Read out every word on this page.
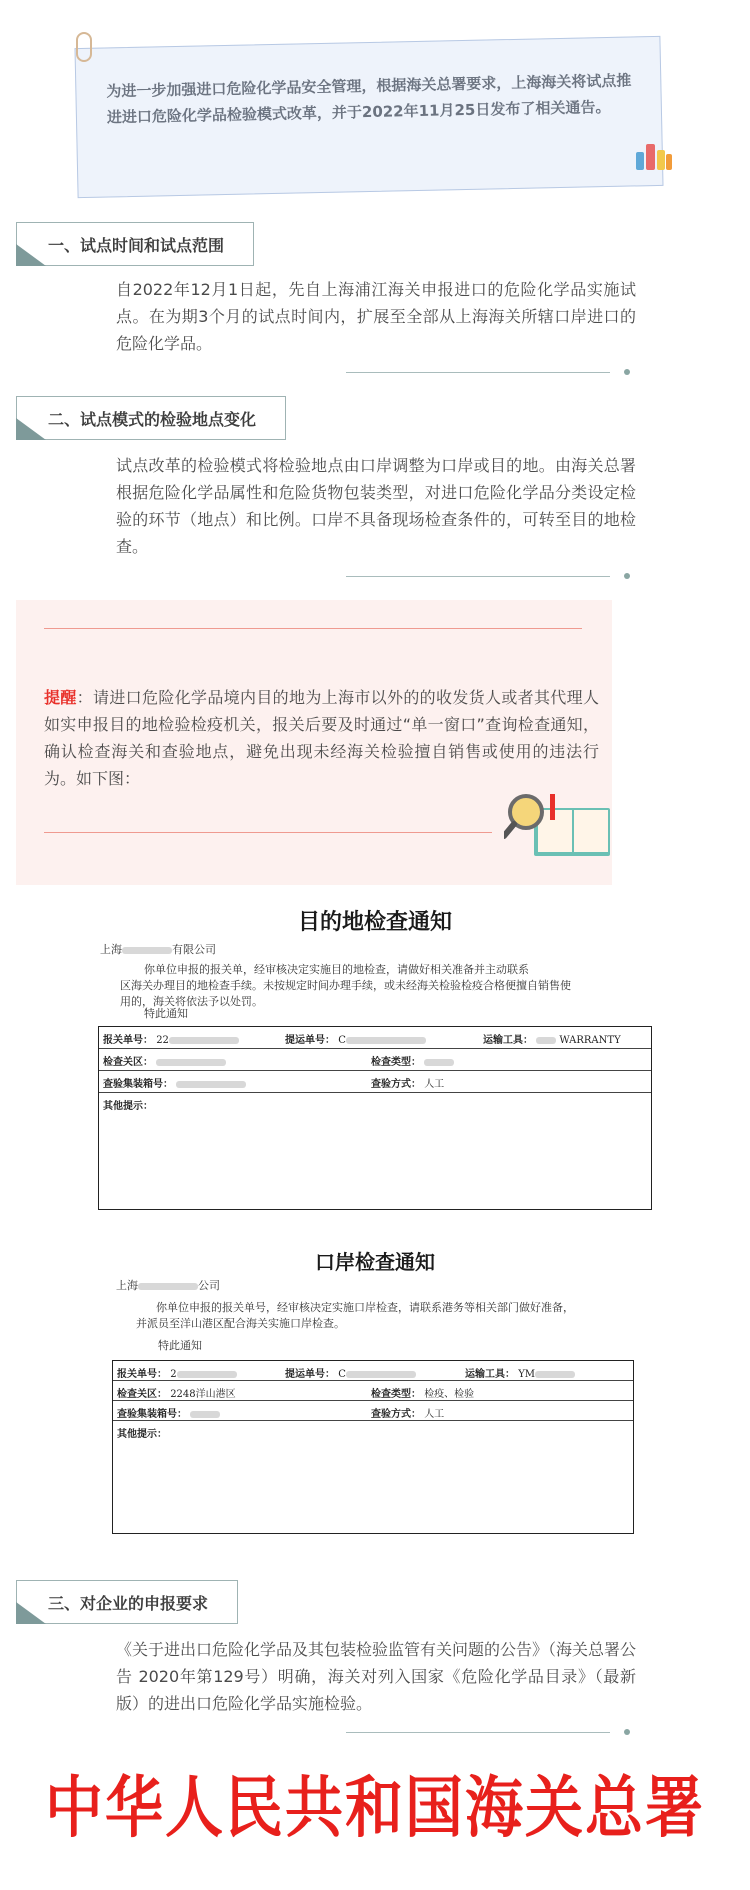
为进一步加强进口危险化学品安全管理，根据海关总署要求，上海海关将试点推进进口危险化学品检验模式改革，并于2022年11月25日发布了相关通告。
一、试点时间和试点范围
自2022年12月1日起，先自上海浦江海关申报进口的危险化学品实施试点。在为期3个月的试点时间内，扩展至全部从上海海关所辖口岸进口的危险化学品。
二、试点模式的检验地点变化
试点改革的检验模式将检验地点由口岸调整为口岸或目的地。由海关总署根据危险化学品属性和危险货物包装类型，对进口危险化学品分类设定检验的环节（地点）和比例。口岸不具备现场检查条件的，可转至目的地检查。
提醒：请进口危险化学品境内目的地为上海市以外的的收发货人或者其代理人如实申报目的地检验检疫机关，报关后要及时通过“单一窗口”查询检查通知，确认检查海关和查验地点，避免出现未经海关检验擅自销售或使用的违法行为。如下图：
目的地检查通知
上海	有限公司
你单位申报的报关单，经审核决定实施目的地检查，请做好相关准备并主动联系
区海关办理目的地检查手续。未按规定时间办理手续，或未经海关检验检疫合格便擅自销售使
用的，海关将依法予以处罚。
特此通知
报关单号： 22	提运单号： C	运输工具：	WARRANTY
检查关区：	检查类型：
查验集装箱号：	查验方式： 人工
其他提示：
口岸检查通知
上海	公司
你单位申报的报关单号，经审核决定实施口岸检查，请联系港务等相关部门做好准备，
并派员至洋山港区配合海关实施口岸检查。
特此通知
报关单号： 2	提运单号： C	运输工具： YM
检查关区： 2248洋山港区	检查类型： 检疫、检验
查验集装箱号：	查验方式： 人工
其他提示：
三、对企业的申报要求
《关于进出口危险化学品及其包装检验监管有关问题的公告》（海关总署公告 2020年第129号）明确，海关对列入国家《危险化学品目录》（最新版）的进出口危险化学品实施检验。
中华人民共和国海关总署
